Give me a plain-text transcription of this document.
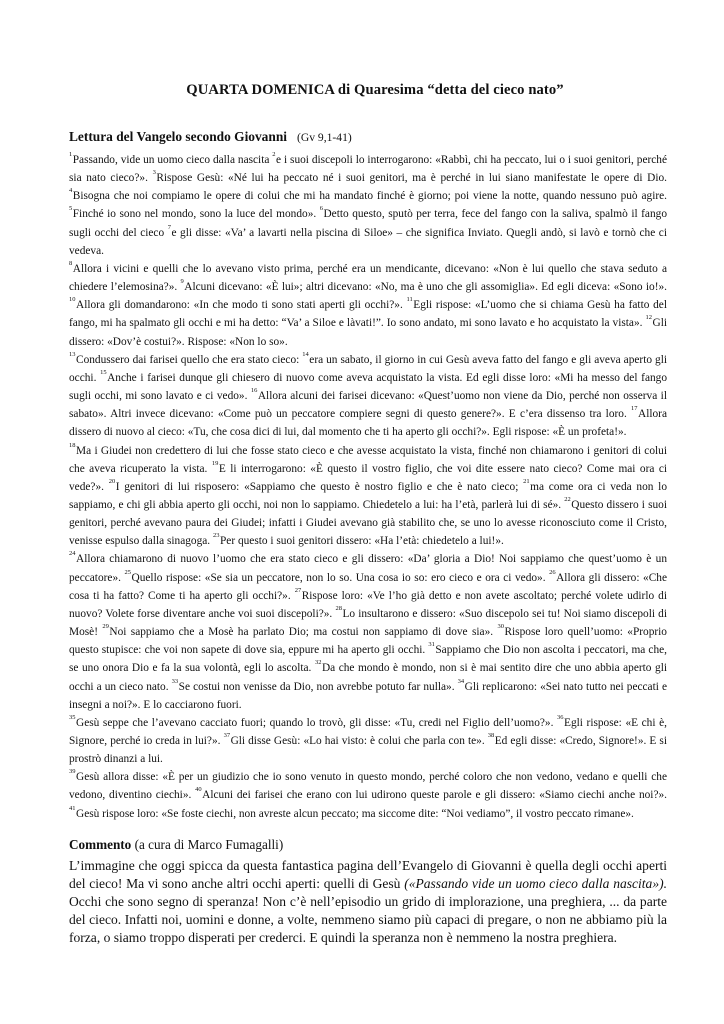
QUARTA DOMENICA di Quaresima “detta del cieco nato”
Lettura del Vangelo secondo Giovanni (Gv 9,1-41)

$^1$Passando, vide un uomo cieco dalla nascita $^2$e i suoi discepoli lo interrogarono: «Rabbì, chi ha peccato, lui o i suoi genitori, perché sia nato cieco?». $^3$Rispose Gesù: «Né lui ha peccato né i suoi genitori, ma è perché in lui siano manifestate le opere di Dio. $^4$Bisogna che noi compiamo le opere di colui che mi ha mandato finché è giorno; poi viene la notte, quando nessuno può agire. $^5$Finché io sono nel mondo, sono la luce del mondo». $^6$Detto questo, sputò per terra, fece del fango con la saliva, spalmò il fango sugli occhi del cieco $^7$e gli disse: «Va’ a lavarti nella piscina di Siloe» – che significa Inviato. Quegli andò, si lavò e tornò che ci vedeva.

$^8$Allora i vicini e quelli che lo avevano visto prima, perché era un mendicante, dicevano: «Non è lui quello che stava seduto a chiedere l’elemosina?». $^9$Alcuni dicevano: «È lui»; altri dicevano: «No, ma è uno che gli assomiglia». Ed egli diceva: «Sono io!». $^{10}$Allora gli domandarono: «In che modo ti sono stati aperti gli occhi?». $^{11}$Egli rispose: «L’uomo che si chiama Gesù ha fatto del fango, mi ha spalmato gli occhi e mi ha detto: “Va’ a Siloe e làvati!”. Io sono andato, mi sono lavato e ho acquistato la vista». $^{12}$Gli dissero: «Dov’è costui?». Rispose: «Non lo so».

$^{13}$Condussero dai farisei quello che era stato cieco: $^{14}$era un sabato, il giorno in cui Gesù aveva fatto del fango e gli aveva aperto gli occhi. $^{15}$Anche i farisei dunque gli chiesero di nuovo come aveva acquistato la vista. Ed egli disse loro: «Mi ha messo del fango sugli occhi, mi sono lavato e ci vedo». $^{16}$Allora alcuni dei farisei dicevano: «Quest’uomo non viene da Dio, perché non osserva il sabato». Altri invece dicevano: «Come può un peccatore compiere segni di questo genere?». E c’era dissenso tra loro. $^{17}$Allora dissero di nuovo al cieco: «Tu, che cosa dici di lui, dal momento che ti ha aperto gli occhi?». Egli rispose: «È un profeta!».

$^{18}$Ma i Giudei non credettero di lui che fosse stato cieco e che avesse acquistato la vista, finché non chiamarono i genitori di colui che aveva ricuperato la vista. $^{19}$E li interrogarono: «È questo il vostro figlio, che voi dite essere nato cieco? Come mai ora ci vede?». $^{20}$I genitori di lui risposero: «Sappiamo che questo è nostro figlio e che è nato cieco; $^{21}$ma come ora ci veda non lo sappiamo, e chi gli abbia aperto gli occhi, noi non lo sappiamo. Chiedetelo a lui: ha l’età, parlerà lui di sé». $^{22}$Questo dissero i suoi genitori, perché avevano paura dei Giudei; infatti i Giudei avevano già stabilito che, se uno lo avesse riconosciuto come il Cristo, venisse espulso dalla sinagoga. $^{23}$Per questo i suoi genitori dissero: «Ha l’età: chiedetelo a lui!».

$^{24}$Allora chiamarono di nuovo l’uomo che era stato cieco e gli dissero: «Da’ gloria a Dio! Noi sappiamo che quest’uomo è un peccatore». $^{25}$Quello rispose: «Se sia un peccatore, non lo so. Una cosa io so: ero cieco e ora ci vedo». $^{26}$Allora gli dissero: «Che cosa ti ha fatto? Come ti ha aperto gli occhi?». $^{27}$Rispose loro: «Ve l’ho già detto e non avete ascoltato; perché volete udirlo di nuovo? Volete forse diventare anche voi suoi discepoli?». $^{28}$Lo insultarono e dissero: «Suo discepolo sei tu! Noi siamo discepoli di Mosè! $^{29}$Noi sappiamo che a Mosè ha parlato Dio; ma costui non sappiamo di dove sia». $^{30}$Rispose loro quell’uomo: «Proprio questo stupisce: che voi non sapete di dove sia, eppure mi ha aperto gli occhi. $^{31}$Sappiamo che Dio non ascolta i peccatori, ma che, se uno onora Dio e fa la sua volontà, egli lo ascolta. $^{32}$Da che mondo è mondo, non si è mai sentito dire che uno abbia aperto gli occhi a un cieco nato. $^{33}$Se costui non venisse da Dio, non avrebbe potuto far nulla». $^{34}$Gli replicarono: «Sei nato tutto nei peccati e insegni a noi?». E lo cacciarono fuori.

$^{35}$Gesù seppe che l’avevano cacciato fuori; quando lo trovò, gli disse: «Tu, credi nel Figlio dell’uomo?». $^{36}$Egli rispose: «E chi è, Signore, perché io creda in lui?». $^{37}$Gli disse Gesù: «Lo hai visto: è colui che parla con te». $^{38}$Ed egli disse: «Credo, Signore!». E si prostrò dinanzi a lui.

$^{39}$Gesù allora disse: «È per un giudizio che io sono venuto in questo mondo, perché coloro che non vedono, vedano e quelli che vedono, diventino ciechi». $^{40}$Alcuni dei farisei che erano con lui udirono queste parole e gli dissero: «Siamo ciechi anche noi?». $^{41}$Gesù rispose loro: «Se foste ciechi, non avreste alcun peccato; ma siccome dite: “Noi vediamo”, il vostro peccato rimane».

Commento (a cura di Marco Fumagalli)

L’immagine che oggi spicca da questa fantastica pagina dell’Evangelo di Giovanni è quella degli occhi aperti del cieco! Ma vi sono anche altri occhi aperti: quelli di Gesù («Passando vide un uomo cieco dalla nascita»). Occhi che sono segno di speranza! Non c’è nell’episodio un grido di implorazione, una preghiera, ... da parte del cieco. Infatti noi, uomini e donne, a volte, nemmeno siamo più capaci di pregare, o non ne abbiamo più la forza, o siamo troppo disperati per crederci. E quindi la speranza non è nemmeno la nostra preghiera.
